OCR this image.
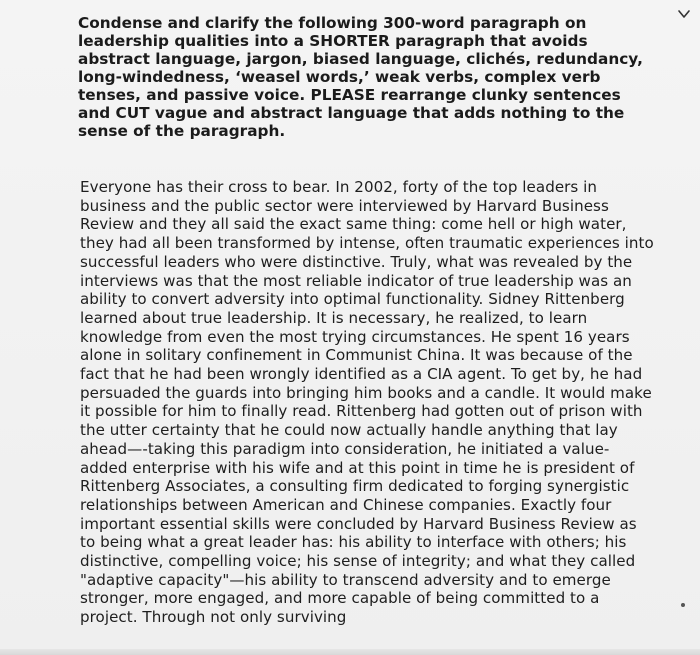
Condense and clarify the following 300-word paragraph on leadership qualities into a SHORTER paragraph that avoids abstract language, jargon, biased language, clichés, redundancy, long-windedness, ‘weasel words,’ weak verbs, complex verb tenses, and passive voice. PLEASE rearrange clunky sentences and CUT vague and abstract language that adds nothing to the sense of the paragraph.

Everyone has their cross to bear. In 2002, forty of the top leaders in business and the public sector were interviewed by Harvard Business Review and they all said the exact same thing: come hell or high water, they had all been transformed by intense, often traumatic experiences into successful leaders who were distinctive. Truly, what was revealed by the interviews was that the most reliable indicator of true leadership was an ability to convert adversity into optimal functionality. Sidney Rittenberg learned about true leadership. It is necessary, he realized, to learn knowledge from even the most trying circumstances. He spent 16 years alone in solitary confinement in Communist China. It was because of the fact that he had been wrongly identified as a CIA agent. To get by, he had persuaded the guards into bringing him books and a candle. It would make it possible for him to finally read. Rittenberg had gotten out of prison with the utter certainty that he could now actually handle anything that lay ahead—-taking this paradigm into consideration, he initiated a value-added enterprise with his wife and at this point in time he is president of Rittenberg Associates, a consulting firm dedicated to forging synergistic relationships between American and Chinese companies. Exactly four important essential skills were concluded by Harvard Business Review as to being what a great leader has: his ability to interface with others; his distinctive, compelling voice; his sense of integrity; and what they called "adaptive capacity"—his ability to transcend adversity and to emerge stronger, more engaged, and more capable of being committed to a project. Through not only surviving
